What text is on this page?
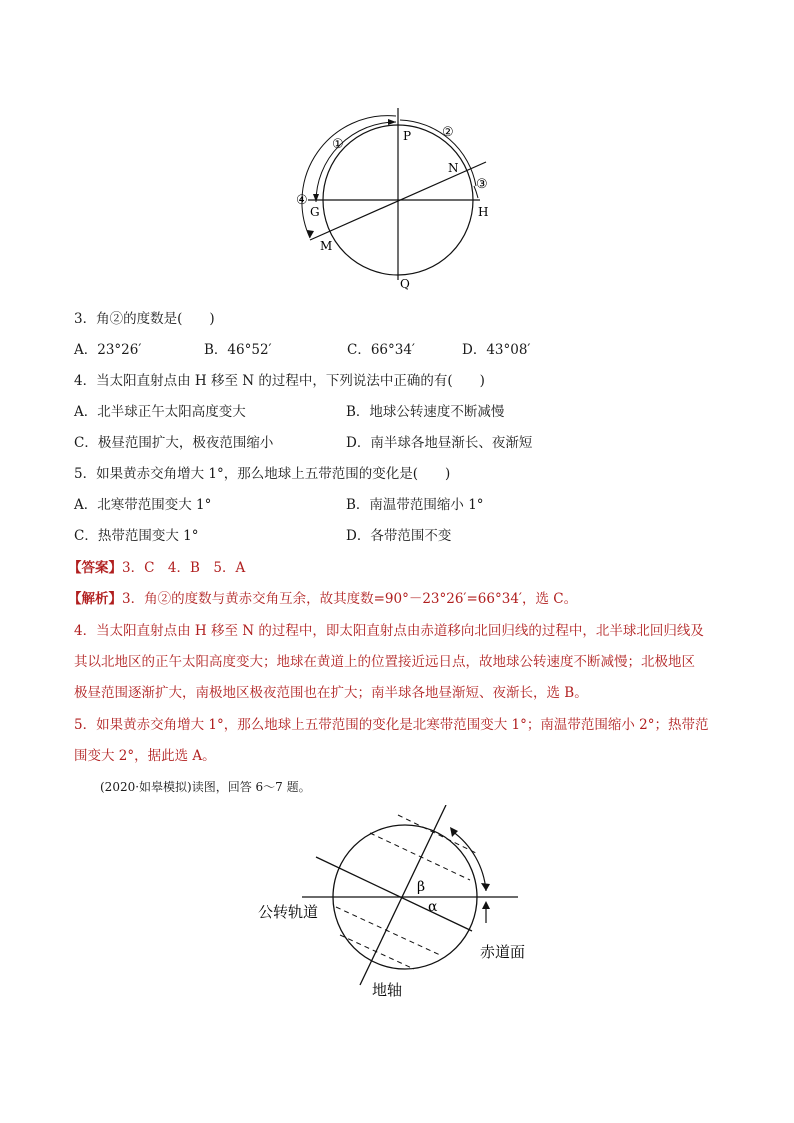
P
Q
G	H
M
N
①
②
③
④
3．角②的度数是(　　)
A．23°26′	B．46°52′	C．66°34′	D．43°08′
4．当太阳直射点由 H 移至 N 的过程中，下列说法中正确的有(　　)
A．北半球正午太阳高度变大	B．地球公转速度不断减慢
C．极昼范围扩大，极夜范围缩小	D．南半球各地昼渐长、夜渐短
5．如果黄赤交角增大 1°，那么地球上五带范围的变化是(　　)
A．北寒带范围变大 1°	B．南温带范围缩小 1°
C．热带范围变大 1°	D．各带范围不变
【答案】3．C　4．B　5．A
【解析】3．角②的度数与黄赤交角互余，故其度数=90°－23°26′=66°34′，选 C。
4．当太阳直射点由 H 移至 N 的过程中，即太阳直射点由赤道移向北回归线的过程中，北半球北回归线及
其以北地区的正午太阳高度变大；地球在黄道上的位置接近远日点，故地球公转速度不断减慢；北极地区
极昼范围逐渐扩大，南极地区极夜范围也在扩大；南半球各地昼渐短、夜渐长，选 B。
5．如果黄赤交角增大 1°，那么地球上五带范围的变化是北寒带范围变大 1°；南温带范围缩小 2°；热带范
围变大 2°，据此选 A。
(2020·如皋模拟)读图，回答 6～7 题。
β
α
公转轨道
赤道面
地轴
